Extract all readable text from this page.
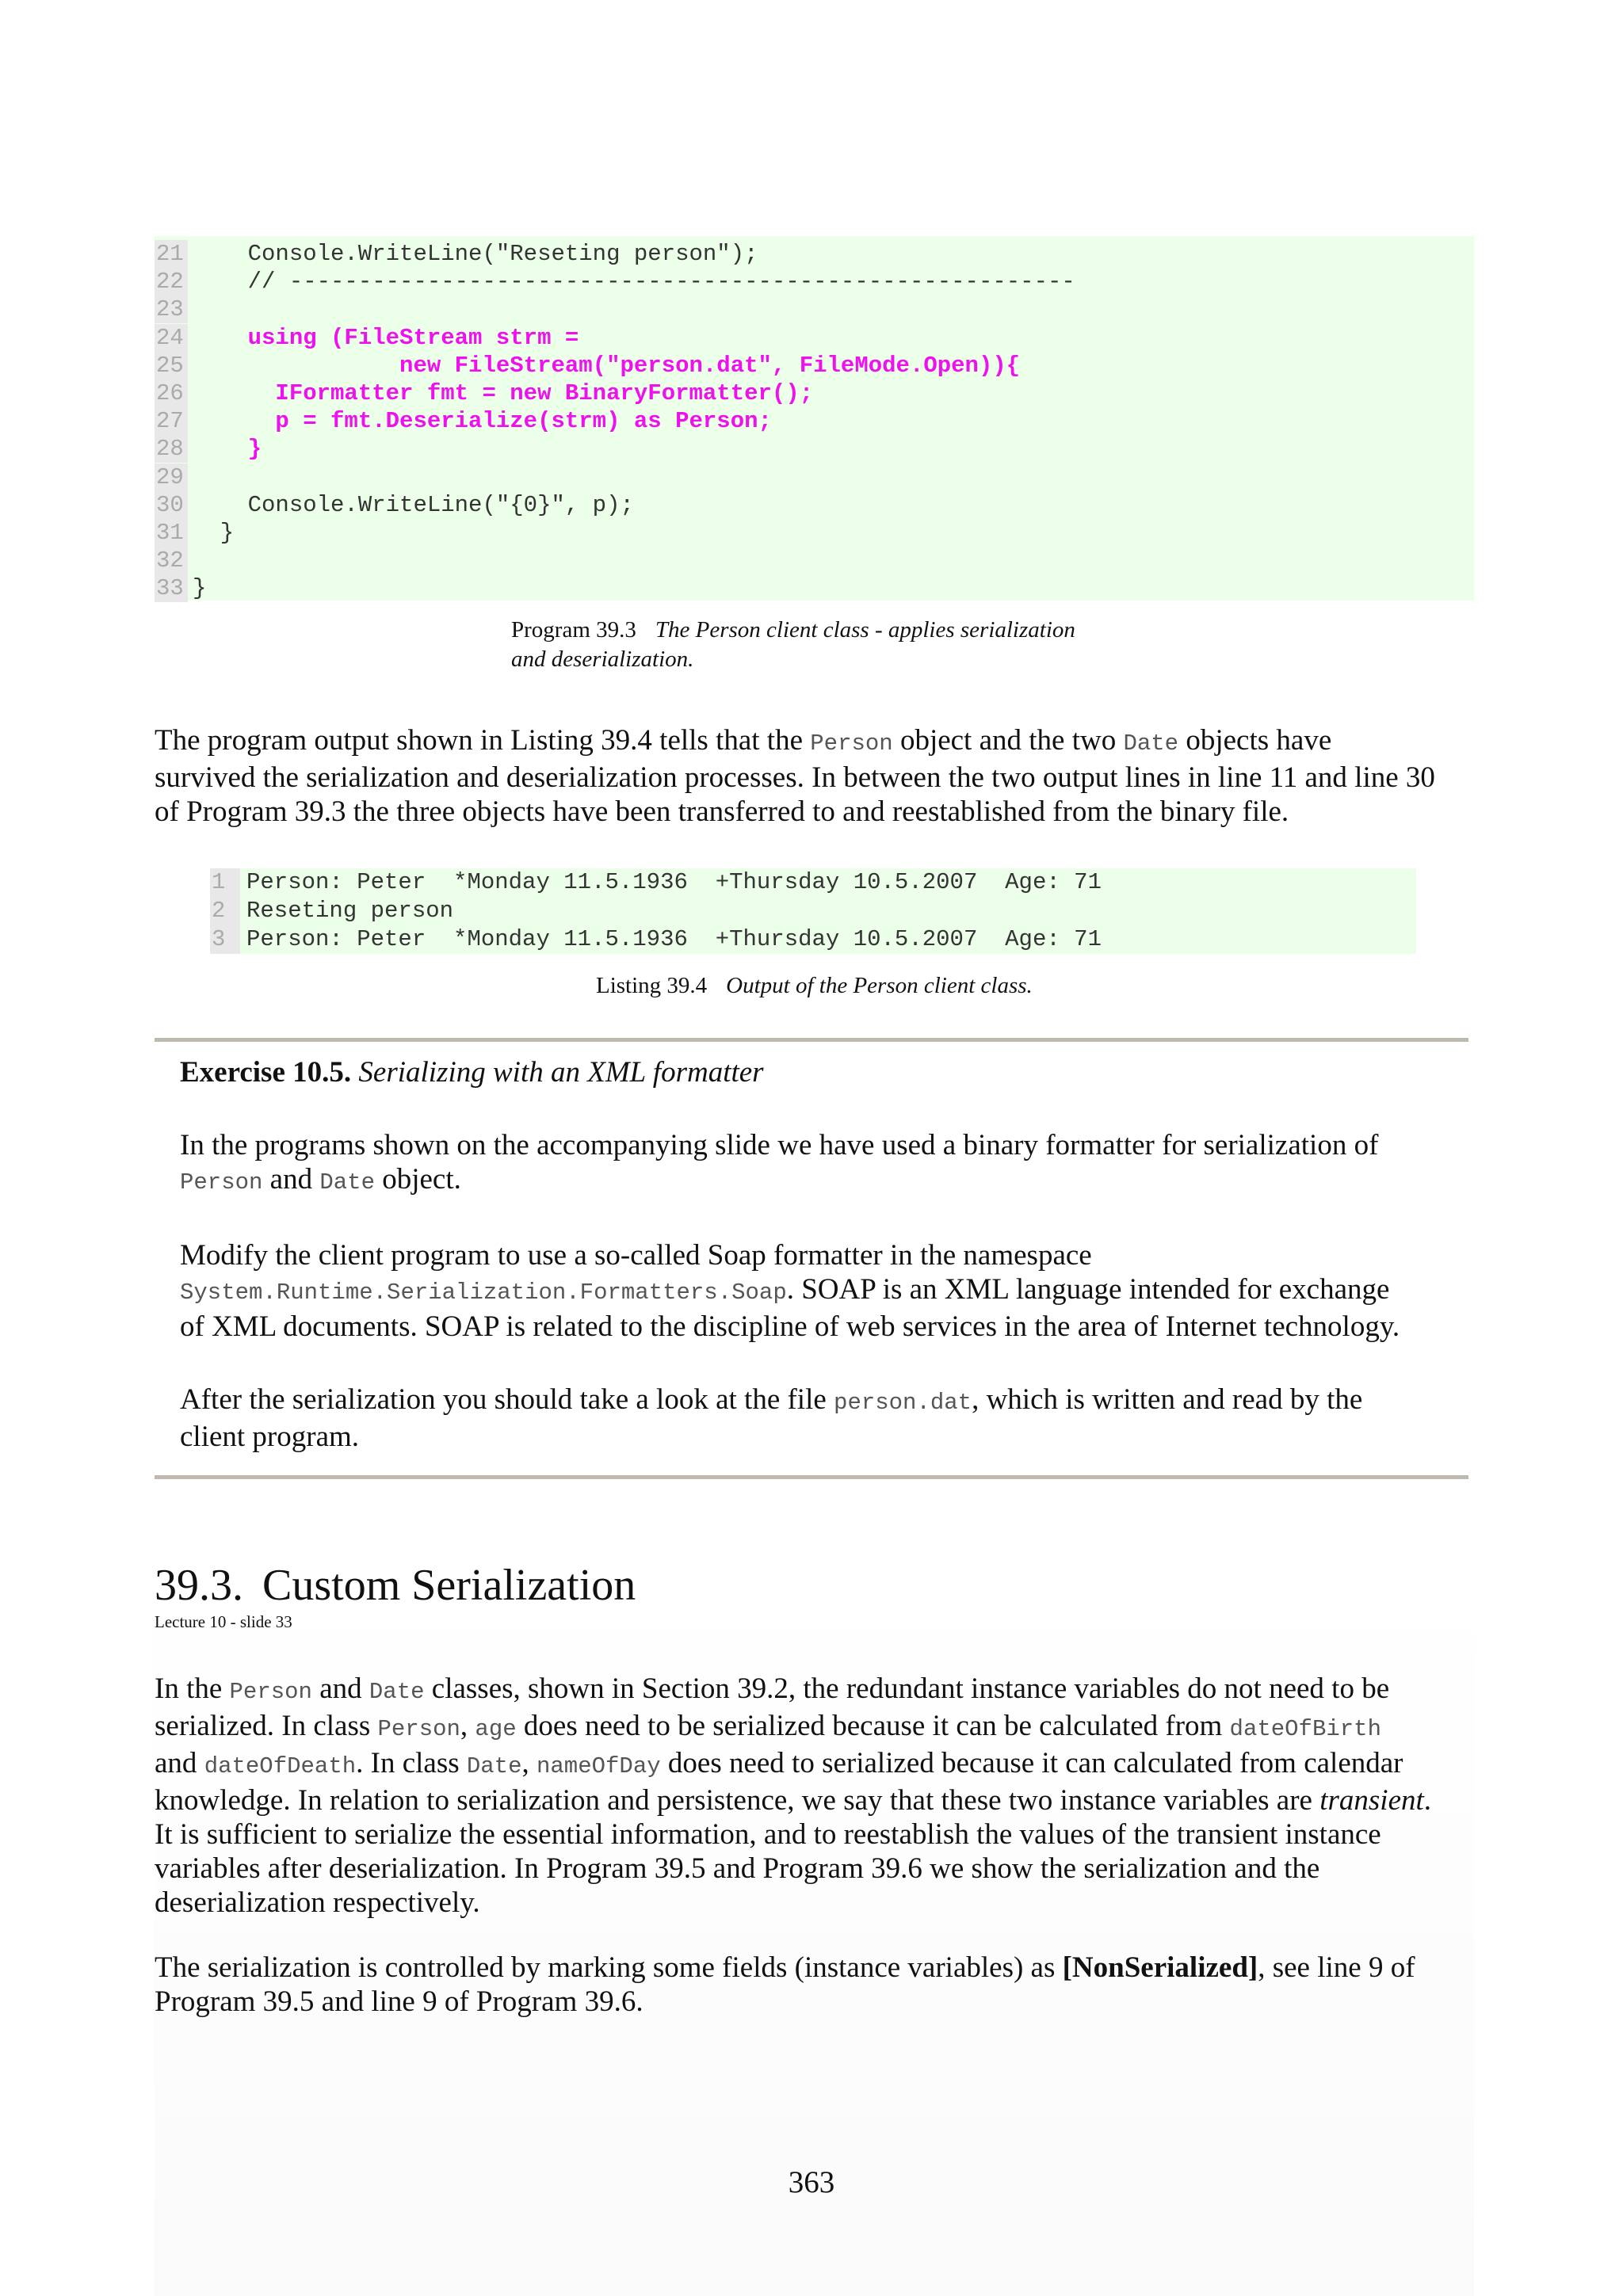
21 Console.WriteLine("Reseting person");
22 // ---------------------------------------------------------
23
24 using (FileStream strm =
25 new FileStream("person.dat", FileMode.Open)){
26 IFormatter fmt = new BinaryFormatter();
27 p = fmt.Deserialize(strm) as Person;
28 }
29
30 Console.WriteLine("{0}", p);
31 }
32
33 }
Program 39.3 The Person client class - applies serialization
and deserialization.
The program output shown in Listing 39.4 tells that the Person object and the two Date objects have
survived the serialization and deserialization processes. In between the two output lines in line 11 and line 30
of Program 39.3 the three objects have been transferred to and reestablished from the binary file.
1 Person: Peter  *Monday 11.5.1936  +Thursday 10.5.2007  Age: 71
2 Reseting person
3 Person: Peter  *Monday 11.5.1936  +Thursday 10.5.2007  Age: 71
Listing 39.4 Output of the Person client class.
Exercise 10.5. Serializing with an XML formatter
In the programs shown on the accompanying slide we have used a binary formatter for serialization of
Person and Date object.
Modify the client program to use a so-called Soap formatter in the namespace
System.Runtime.Serialization.Formatters.Soap. SOAP is an XML language intended for exchange
of XML documents. SOAP is related to the discipline of web services in the area of Internet technology.
After the serialization you should take a look at the file person.dat, which is written and read by the
client program.
39.3. Custom Serialization
Lecture 10 - slide 33
In the Person and Date classes, shown in Section 39.2, the redundant instance variables do not need to be
serialized. In class Person, age does need to be serialized because it can be calculated from dateOfBirth
and dateOfDeath. In class Date, nameOfDay does need to serialized because it can calculated from calendar
knowledge. In relation to serialization and persistence, we say that these two instance variables are transient.
It is sufficient to serialize the essential information, and to reestablish the values of the transient instance
variables after deserialization. In Program 39.5 and Program 39.6 we show the serialization and the
deserialization respectively.
The serialization is controlled by marking some fields (instance variables) as [NonSerialized], see line 9 of
Program 39.5 and line 9 of Program 39.6.
363
